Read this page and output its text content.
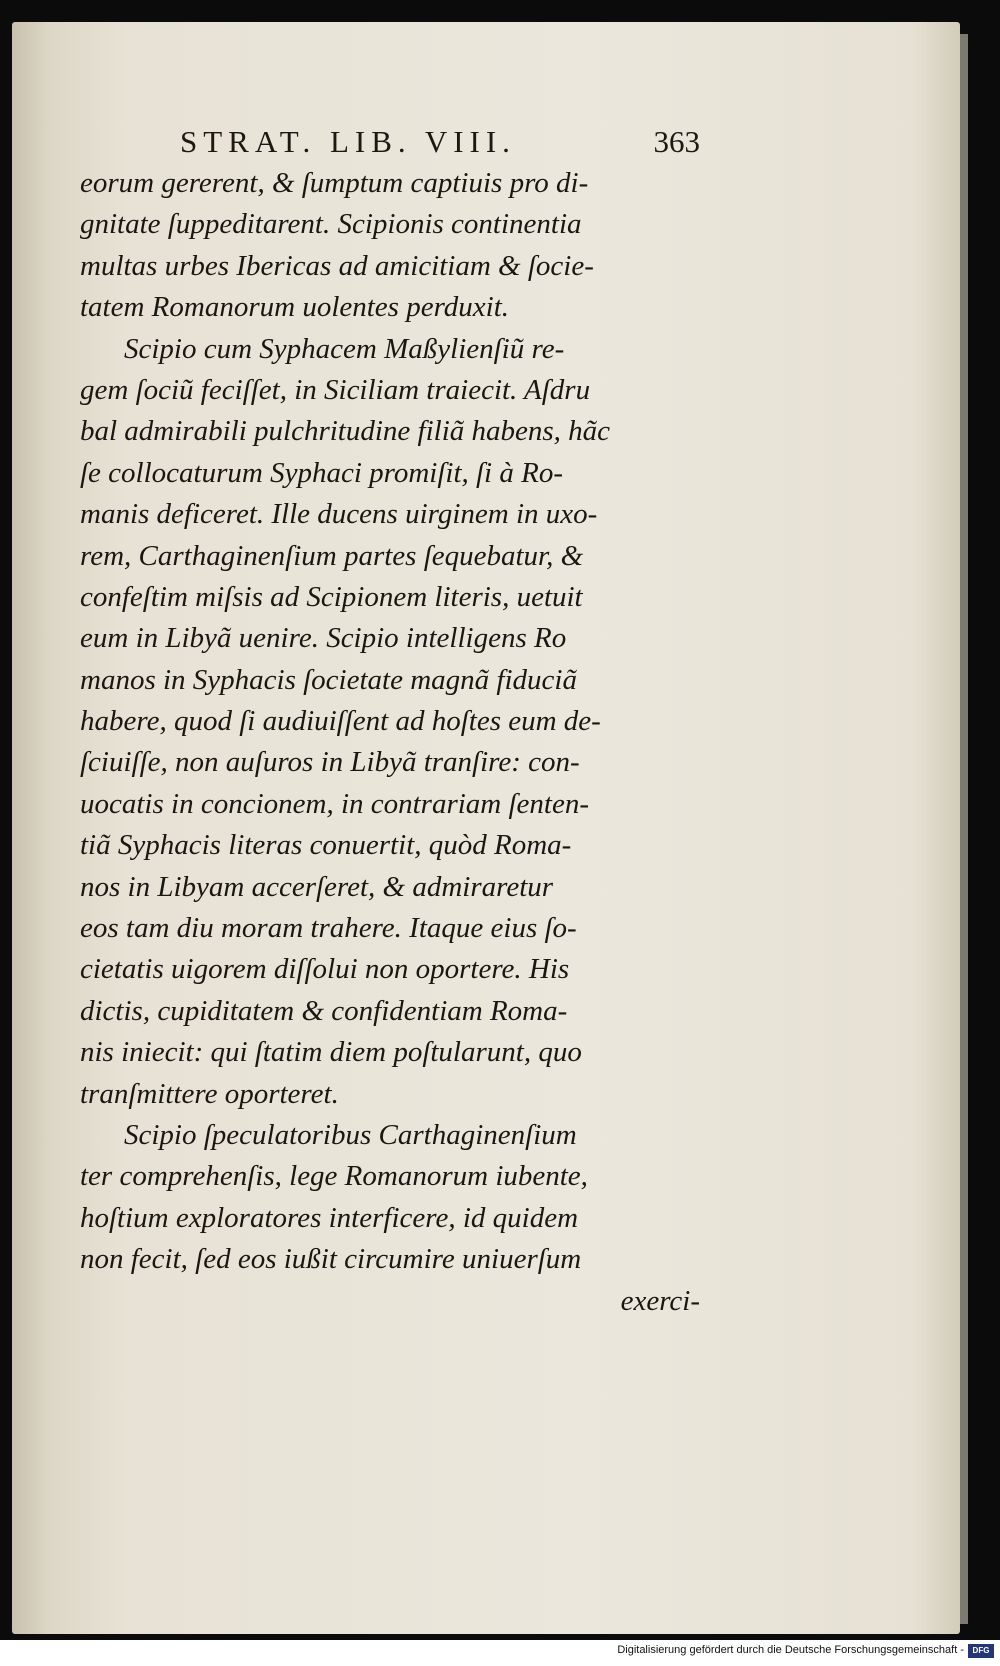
STRAT. LIB. VIII.	363
eorum gererent, & ſumptum captiuis pro di-
gnitate ſuppeditarent. Scipionis continentia
multas urbes Ibericas ad amicitiam & ſocie-
tatem Romanorum uolentes perduxit.
Scipio cum Syphacem Maßylienſiũ re-
gem ſociũ feciſſet, in Siciliam traiecit. Aſdru
bal admirabili pulchritudine filiã habens, hãc
ſe collocaturum Syphaci promiſit, ſi à Ro-
manis deficeret. Ille ducens uirginem in uxo-
rem, Carthaginenſium partes ſequebatur, &
confeſtim miſsis ad Scipionem literis, uetuit
eum in Libyã uenire. Scipio intelligens Ro
manos in Syphacis ſocietate magnã fiduciã
habere, quod ſi audiuiſſent ad hoſtes eum de-
ſciuiſſe, non auſuros in Libyã tranſire: con-
uocatis in concionem, in contrariam ſenten-
tiã Syphacis literas conuertit, quòd Roma-
nos in Libyam accerſeret, & admiraretur
eos tam diu moram trahere. Itaque eius ſo-
cietatis uigorem diſſolui non oportere. His
dictis, cupiditatem & confidentiam Roma-
nis iniecit: qui ſtatim diem poſtularunt, quo
tranſmittere oporteret.
Scipio ſpeculatoribus Carthaginenſium
ter comprehenſis, lege Romanorum iubente,
hoſtium exploratores interficere, id quidem
non fecit, ſed eos iußit circumire uniuerſum
exerci-
Digitalisierung gefördert durch die Deutsche Forschungsgemeinschaft -	DFG
